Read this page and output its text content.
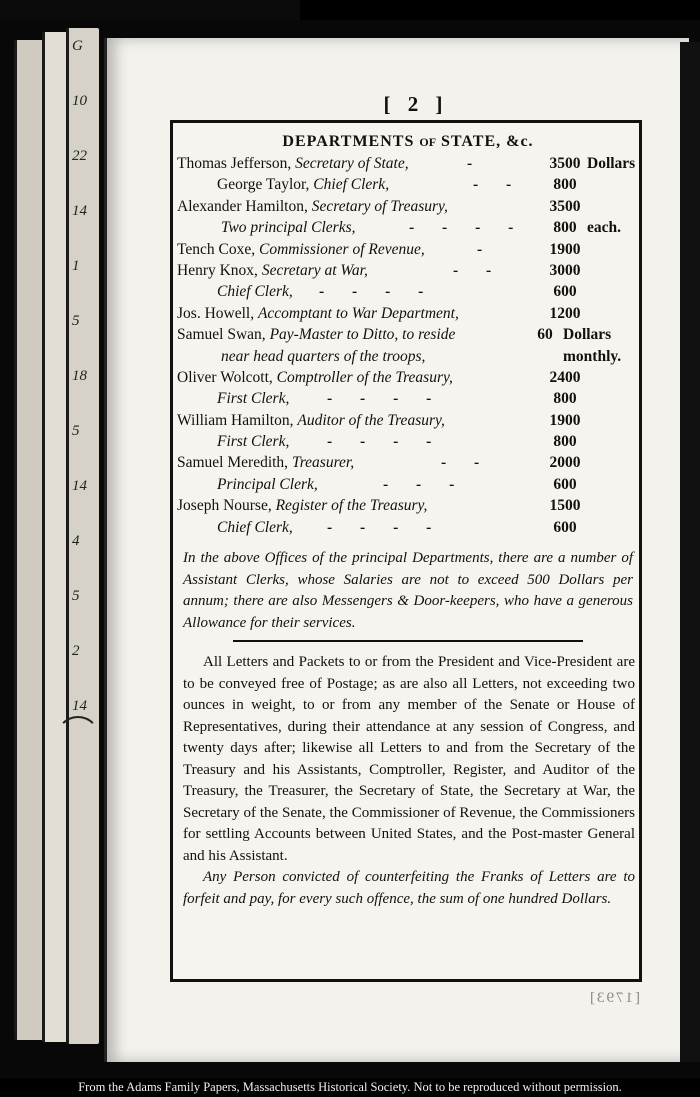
G
10
22
14
1
5
18
5
14
4
5
2
14
[ 2 ]
DEPARTMENTS OF STATE, &c.
Thomas Jefferson, Secretary of State,	-	3500 Dollars
George Taylor, Chief Clerk,	- -	800
Alexander Hamilton, Secretary of Treasury,	3500
Two principal Clerks,	- - - -	800 each.
Tench Coxe, Commissioner of Revenue,	-	1900
Henry Knox, Secretary at War,	- -	3000
Chief Clerk, - - - -	600
Jos. Howell, Accomptant to War Department,	1200
Samuel Swan, Pay-Master to Ditto, to reside	60 Dollars
near head quarters of the troops,	monthly.
Oliver Wolcott, Comptroller of the Treasury,	2400
First Clerk, - - - -	800
William Hamilton, Auditor of the Treasury,	1900
First Clerk, - - - -	800
Samuel Meredith, Treasurer,	- -	2000
Principal Clerk,	- - -	600
Joseph Nourse, Register of the Treasury,	1500
Chief Clerk, - - - -	600
In the above Offices of the principal Departments, there are a number of Assistant Clerks, whose Salaries are not to exceed 500 Dollars per annum; there are also Messengers & Door-keepers, who have a generous Allowance for their services.
All Letters and Packets to or from the President and Vice-President are to be conveyed free of Postage; as are also all Letters, not exceeding two ounces in weight, to or from any member of the Senate or House of Representatives, during their attendance at any session of Congress, and twenty days after; likewise all Letters to and from the Secretary of the Treasury and his Assistants, Comptroller, Register, and Auditor of the Treasury, the Treasurer, the Secretary of State, the Secretary at War, the Secretary of the Senate, the Commissioner of Revenue, the Commissioners for settling Accounts between United States, and the Post-master General and his Assistant.
Any Person convicted of counterfeiting the Franks of Letters are to forfeit and pay, for every such offence, the sum of one hundred Dollars.
[1793]
From the Adams Family Papers, Massachusetts Historical Society. Not to be reproduced without permission.
